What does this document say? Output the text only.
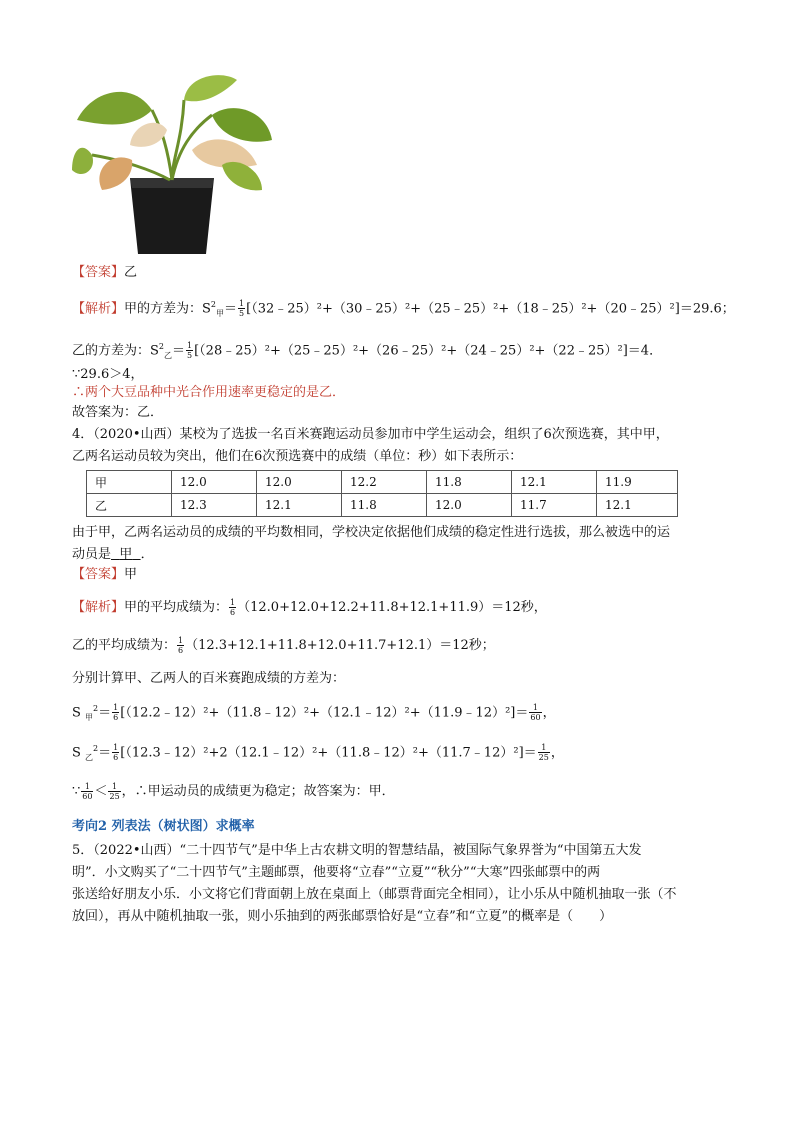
【答案】乙
【解析】甲的方差为：$S^2_甲= \frac{1}{5}$ [（32﹣25）²+（30﹣25）²+（25﹣25）²+（18﹣25）²+（20﹣25）²]＝29.6；
乙的方差为：$S^2_乙= \frac{1}{5}$ [（28﹣25）²+（25﹣25）²+（26﹣25）²+（24﹣25）²+（22﹣25）²]＝4．
∵29.6＞4，
∴两个大豆品种中光合作用速率更稳定的是乙．
故答案为：乙．
4．（2020•山西）某校为了选拔一名百米赛跑运动员参加市中学生运动会，组织了6次预选赛，其中甲，
乙两名运动员较为突出，他们在6次预选赛中的成绩（单位：秒）如下表所示：
甲	12.0	12.0	12.2	11.8	12.1	11.9
乙	12.3	12.1	11.8	12.0	11.7	12.1
由于甲，乙两名运动员的成绩的平均数相同，学校决定依据他们成绩的稳定性进行选拔，那么被选中的运
动员是 甲 ．
【答案】甲
【解析】甲的平均成绩为： $\frac{1}{6} (12.0+12.0+12.2+11.8+12.1+11.9)=12$秒，
乙的平均成绩为： $\frac{1}{6} (12.3+12.1+11.8+12.0+11.7+12.1)=12$秒；
分别计算甲、乙两人的百米赛跑成绩的方差为：
S $_甲^2= \frac{1}{6}$ [（12.2﹣12）²+（11.8﹣12）²+（12.1﹣12）²+（11.9﹣12）²]＝ $\frac{1}{60}$ ，
S $_乙^2= \frac{1}{6}$ [（12.3﹣12）²+2（12.1﹣12）²+（11.8﹣12）²+（11.7﹣12）²]＝ $\frac{1}{25}$ ，
∵ $\frac{1}{60} < \frac{1}{25}$ ，∴甲运动员的成绩更为稳定；故答案为：甲．
考向2 列表法（树状图）求概率
5．（2022•山西）“二十四节气”是中华上古农耕文明的智慧结晶，被国际气象界誉为“中国第五大发
明”．小文购买了“二十四节气”主题邮票，他要将“立春”“立夏”“秋分”“大寒”四张邮票中的两
张送给好朋友小乐．小文将它们背面朝上放在桌面上（邮票背面完全相同），让小乐从中随机抽取一张（不
放回），再从中随机抽取一张，则小乐抽到的两张邮票恰好是“立春”和“立夏”的概率是（　　）
